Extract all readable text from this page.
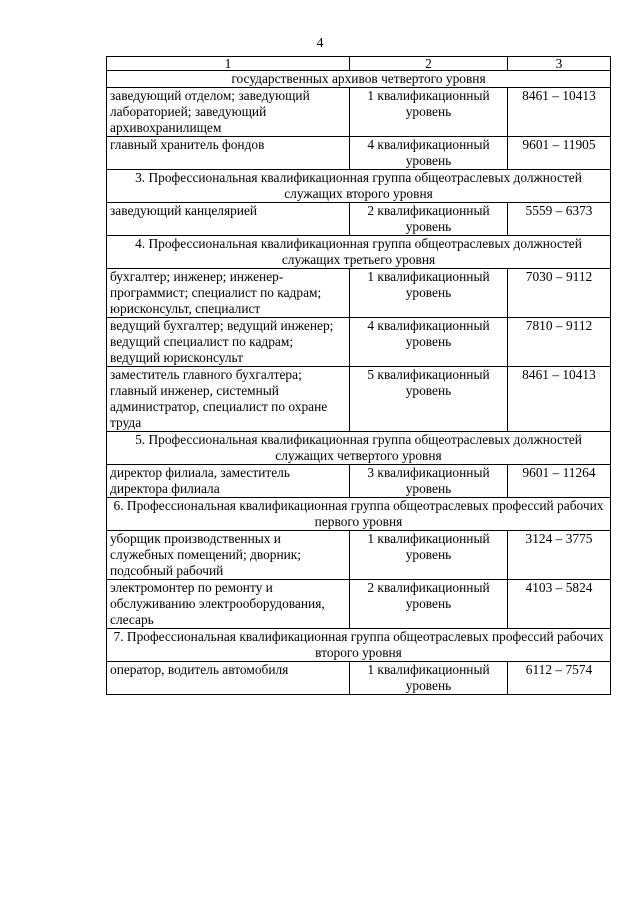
4
1	2	3
государственных архивов четвертого уровня		
заведующий отделом; заведующий лабораторией; заведующий архивохранилищем	1 квалификационный уровень	8461 – 10413
главный хранитель фондов	4 квалификационный уровень	9601 – 11905
3. Профессиональная квалификационная группа общеотраслевых должностей служащих второго уровня		
заведующий канцелярией	2 квалификационный уровень	5559 – 6373
4. Профессиональная квалификационная группа общеотраслевых должностей служащих третьего уровня		
бухгалтер; инженер; инженер-программист; специалист по кадрам; юрисконсульт, специалист	1 квалификационный уровень	7030 – 9112
ведущий бухгалтер; ведущий инженер; ведущий специалист по кадрам; ведущий юрисконсульт	4 квалификационный уровень	7810 – 9112
заместитель главного бухгалтера; главный инженер, системный администратор, специалист по охране труда	5 квалификационный уровень	8461 – 10413
5. Профессиональная квалификационная группа общеотраслевых должностей служащих четвертого уровня		
директор филиала, заместитель директора филиала	3 квалификационный уровень	9601 – 11264
6. Профессиональная квалификационная группа общеотраслевых профессий рабочих первого уровня		
уборщик производственных и служебных помещений; дворник; подсобный рабочий	1 квалификационный уровень	3124 – 3775
электромонтер по ремонту и обслуживанию электрооборудования, слесарь	2 квалификационный уровень	4103 – 5824
7. Профессиональная квалификационная группа общеотраслевых профессий рабочих второго уровня		
оператор, водитель автомобиля	1 квалификационный уровень	6112 – 7574
